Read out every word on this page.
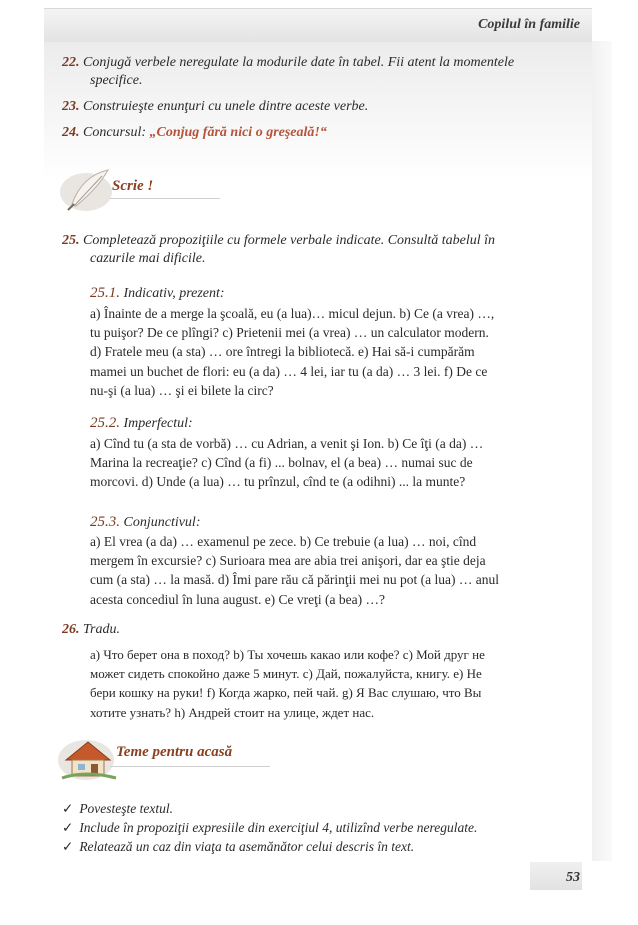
Copilul în familie
22. Conjugă verbele neregulate la modurile date în tabel. Fii atent la momentele
specifice.
23. Construieşte enunţuri cu unele dintre aceste verbe.
24. Concursul: „Conjug fără nici o greşeală!“
Scrie !
25. Completează propoziţiile cu formele verbale indicate. Consultă tabelul în
cazurile mai dificile.
25.1. Indicativ, prezent:
a) Înainte de a merge la şcoală, eu (a lua)… micul dejun. b) Ce (a vrea) …,
tu puişor? De ce plîngi? c) Prietenii mei (a vrea) … un calculator modern.
d) Fratele meu (a sta) … ore întregi la bibliotecă. e) Hai să-i cumpărăm
mamei un buchet de flori: eu (a da) … 4 lei, iar tu (a da) … 3 lei. f) De ce
nu-şi (a lua) … şi ei bilete la circ?
25.2. Imperfectul:
a) Cînd tu (a sta de vorbă) … cu Adrian, a venit şi Ion. b) Ce îţi (a da) …
Marina la recreaţie? c) Cînd (a fi) ... bolnav, el (a bea) … numai suc de
morcovi. d) Unde (a lua) … tu prînzul, cînd te (a odihni) ... la munte?
25.3. Conjunctivul:
a) El vrea (a da) … examenul pe zece. b) Ce trebuie (a lua) … noi, cînd
mergem în excursie? c) Surioara mea are abia trei anişori, dar ea ştie deja
cum (a sta) … la masă. d) Îmi pare rău că părinţii mei nu pot (a lua) … anul
acesta concediul în luna august. e) Ce vreţi (a bea) …?
26. Tradu.
a) Что берет она в поход? b) Ты хочешь какао или кофе? c) Мой друг не
может сидеть спокойно даже 5 минут. c) Дай, пожалуйста, книгу. e) Не
бери кошку на руки! f) Когда жарко, пей чай. g) Я Вас слушаю, что Вы
хотите узнать? h) Андрей стоит на улице, ждет нас.
Teme pentru acasă
✓ Povesteşte textul.
✓ Include în propoziţii expresiile din exerciţiul 4, utilizînd verbe neregulate.
✓ Relatează un caz din viaţa ta asemănător celui descris în text.
53
